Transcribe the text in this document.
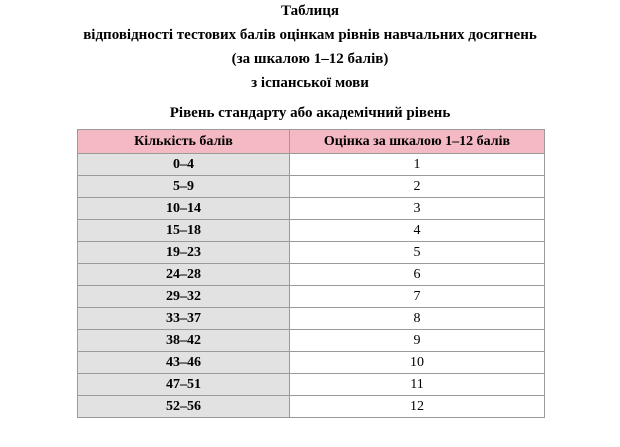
Таблиця
відповідності тестових балів оцінкам рівнів навчальних досягнень
(за шкалою 1–12 балів)
з іспанської мови
Рівень стандарту або академічний рівень
Кількість балів	Оцінка за шкалою 1–12 балів
0–4	1
5–9	2
10–14	3
15–18	4
19–23	5
24–28	6
29–32	7
33–37	8
38–42	9
43–46	10
47–51	11
52–56	12
